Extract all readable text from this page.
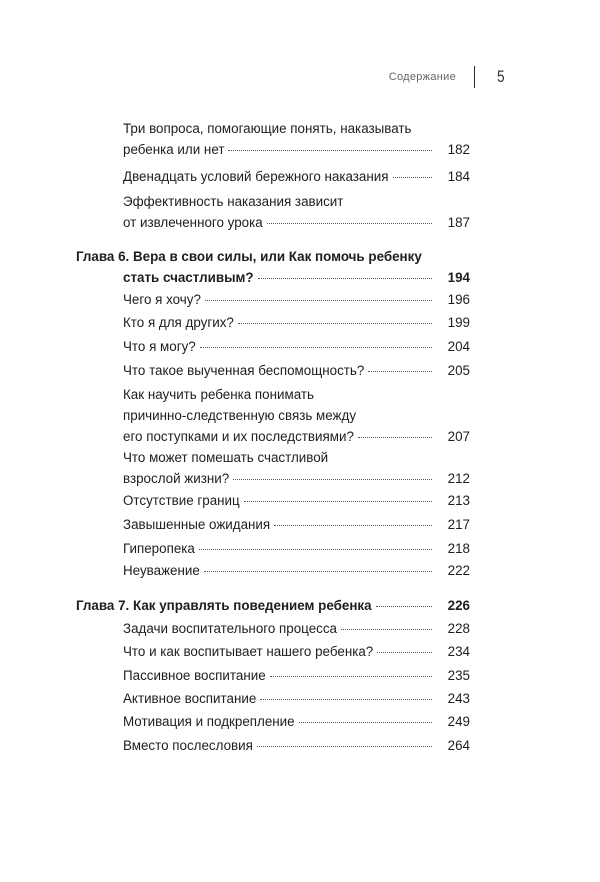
Содержание 5
Три вопроса, помогающие понять, наказывать
ребенка или нет	182
Двенадцать условий бережного наказания	184
Эффективность наказания зависит
от извлеченного урока	187
Глава 6. Вера в свои силы, или Как помочь ребенку
стать счастливым?	194
Чего я хочу?	196
Кто я для других?	199
Что я могу?	204
Что такое выученная беспомощность?	205
Как научить ребенка понимать
причинно-следственную связь между
его поступками и их последствиями?	207
Что может помешать счастливой
взрослой жизни?	212
Отсутствие границ	213
Завышенные ожидания	217
Гиперопека	218
Неуважение	222
Глава 7. Как управлять поведением ребенка	226
Задачи воспитательного процесса	228
Что и как воспитывает нашего ребенка?	234
Пассивное воспитание	235
Активное воспитание	243
Мотивация и подкрепление	249
Вместо послесловия	264
